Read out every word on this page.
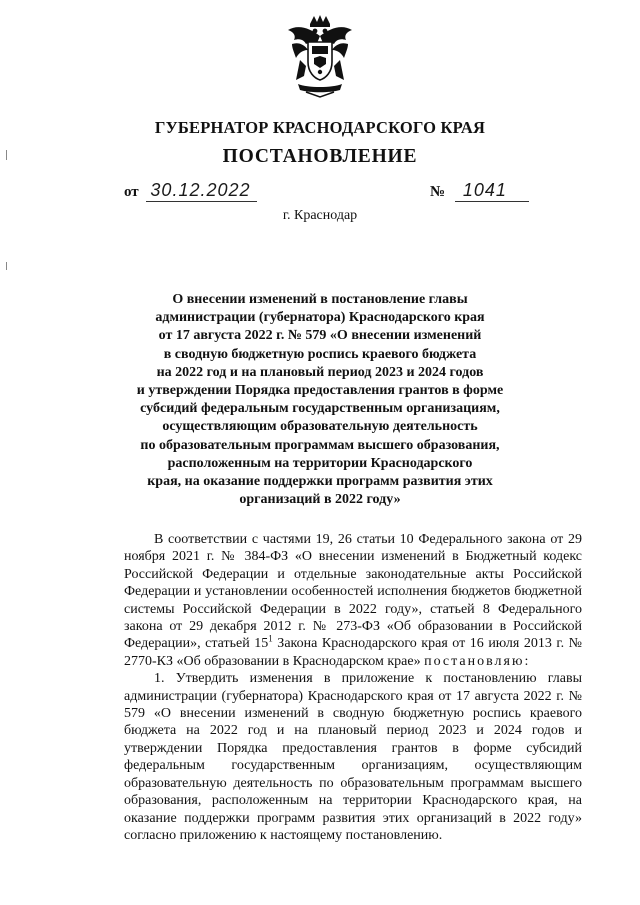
ГУБЕРНАТОР КРАСНОДАРСКОГО КРАЯ
ПОСТАНОВЛЕНИЕ
от 30.12.2022	№ 1041
г. Краснодар
О внесении изменений в постановление главы
администрации (губернатора) Краснодарского края
от 17 августа 2022 г. № 579 «О внесении изменений
в сводную бюджетную роспись краевого бюджета
на 2022 год и на плановый период 2023 и 2024 годов
и утверждении Порядка предоставления грантов в форме
субсидий федеральным государственным организациям,
осуществляющим образовательную деятельность
по образовательным программам высшего образования,
расположенным на территории Краснодарского
края, на оказание поддержки программ развития этих
организаций в 2022 году»

В соответствии с частями 19, 26 статьи 10 Федерального закона от 29 ноября 2021 г. № 384-ФЗ «О внесении изменений в Бюджетный кодекс Российской Федерации и отдельные законодательные акты Российской Федерации и установлении особенностей исполнения бюджетов бюджетной системы Российской Федерации в 2022 году», статьей 8 Федерального закона от 29 декабря 2012 г. № 273-ФЗ «Об образовании в Российской Федерации», статьей $15^1$ Закона Краснодарского края от 16 июля 2013 г. № 2770-КЗ «Об образовании в Краснодарском крае» постановляю:

1. Утвердить изменения в приложение к постановлению главы администрации (губернатора) Краснодарского края от 17 августа 2022 г. № 579 «О внесении изменений в сводную бюджетную роспись краевого бюджета на 2022 год и на плановый период 2023 и 2024 годов и утверждении Порядка предоставления грантов в форме субсидий федеральным государственным организациям, осуществляющим образовательную деятельность по образовательным программам высшего образования, расположенным на территории Краснодарского края, на оказание поддержки программ развития этих организаций в 2022 году» согласно приложению к настоящему постановлению.
